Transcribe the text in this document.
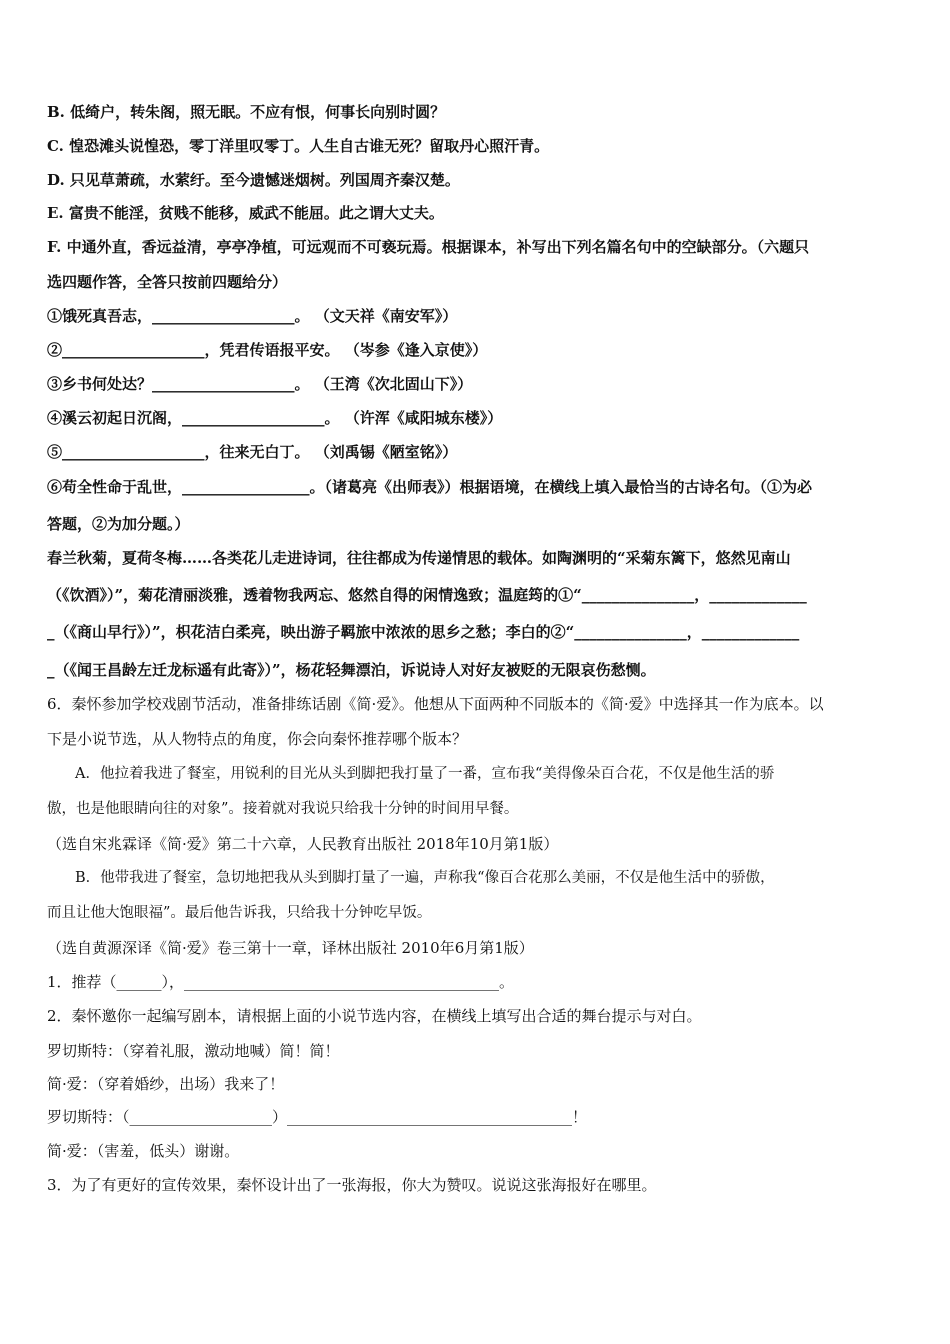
B. 低绮户，转朱阁，照无眠。不应有恨，何事长向别时圆？
C. 惶恐滩头说惶恐，零丁洋里叹零丁。人生自古谁无死？留取丹心照汗青。
D. 只见草萧疏，水萦纡。至今遗憾迷烟树。列国周齐秦汉楚。
E. 富贵不能淫，贫贱不能移，威武不能屈。此之谓大丈夫。
F. 中通外直，香远益清，亭亭净植，可远观而不可亵玩焉。根据课本，补写出下列名篇名句中的空缺部分。（六题只
选四题作答，全答只按前四题给分）
①饿死真吾志，___________________。 （文天祥《南安军》）
②___________________，凭君传语报平安。 （岑参《逢入京使》）
③乡书何处达？___________________。 （王湾《次北固山下》）
④溪云初起日沉阁，___________________。 （许浑《咸阳城东楼》）
⑤___________________，往来无白丁。 （刘禹锡《陋室铭》）
⑥苟全性命于乱世，_________________。（诸葛亮《出师表》）根据语境，在横线上填入最恰当的古诗名句。（①为必
答题，②为加分题。）
春兰秋菊，夏荷冬梅……各类花儿走进诗词，往往都成为传递情思的载体。如陶渊明的“采菊东篱下，悠然见南山
（《饮酒》）”，菊花清丽淡雅，透着物我两忘、悠然自得的闲情逸致；温庭筠的①“_______________，_____________
_（《商山早行》）”，枳花洁白柔亮，映出游子羁旅中浓浓的思乡之愁；李白的②“_______________，_____________
_（《闻王昌龄左迁龙标遥有此寄》）”，杨花轻舞漂泊，诉说诗人对好友被贬的无限哀伤愁恻。
6．秦怀参加学校戏剧节活动，准备排练话剧《简·爱》。他想从下面两种不同版本的《简·爱》中选择其一作为底本。以
下是小说节选，从人物特点的角度，你会向秦怀推荐哪个版本？
A．他拉着我进了餐室，用锐利的目光从头到脚把我打量了一番，宣布我“美得像朵百合花，不仅是他生活的骄
傲，也是他眼睛向往的对象”。接着就对我说只给我十分钟的时间用早餐。
（选自宋兆霖译《简·爱》第二十六章，人民教育出版社 2018年10月第1版）
B．他带我进了餐室，急切地把我从头到脚打量了一遍，声称我“像百合花那么美丽，不仅是他生活中的骄傲，
而且让他大饱眼福”。最后他告诉我，只给我十分钟吃早饭。
（选自黄源深译《简·爱》卷三第十一章，译林出版社 2010年6月第1版）
1．推荐（______），__________________________________________。
2．秦怀邀你一起编写剧本，请根据上面的小说节选内容，在横线上填写出合适的舞台提示与对白。
罗切斯特：（穿着礼服，激动地喊）简！简！
简·爱：（穿着婚纱，出场）我来了！
罗切斯特：（___________________）______________________________________！
简·爱：（害羞，低头）谢谢。
3．为了有更好的宣传效果，秦怀设计出了一张海报，你大为赞叹。说说这张海报好在哪里。
